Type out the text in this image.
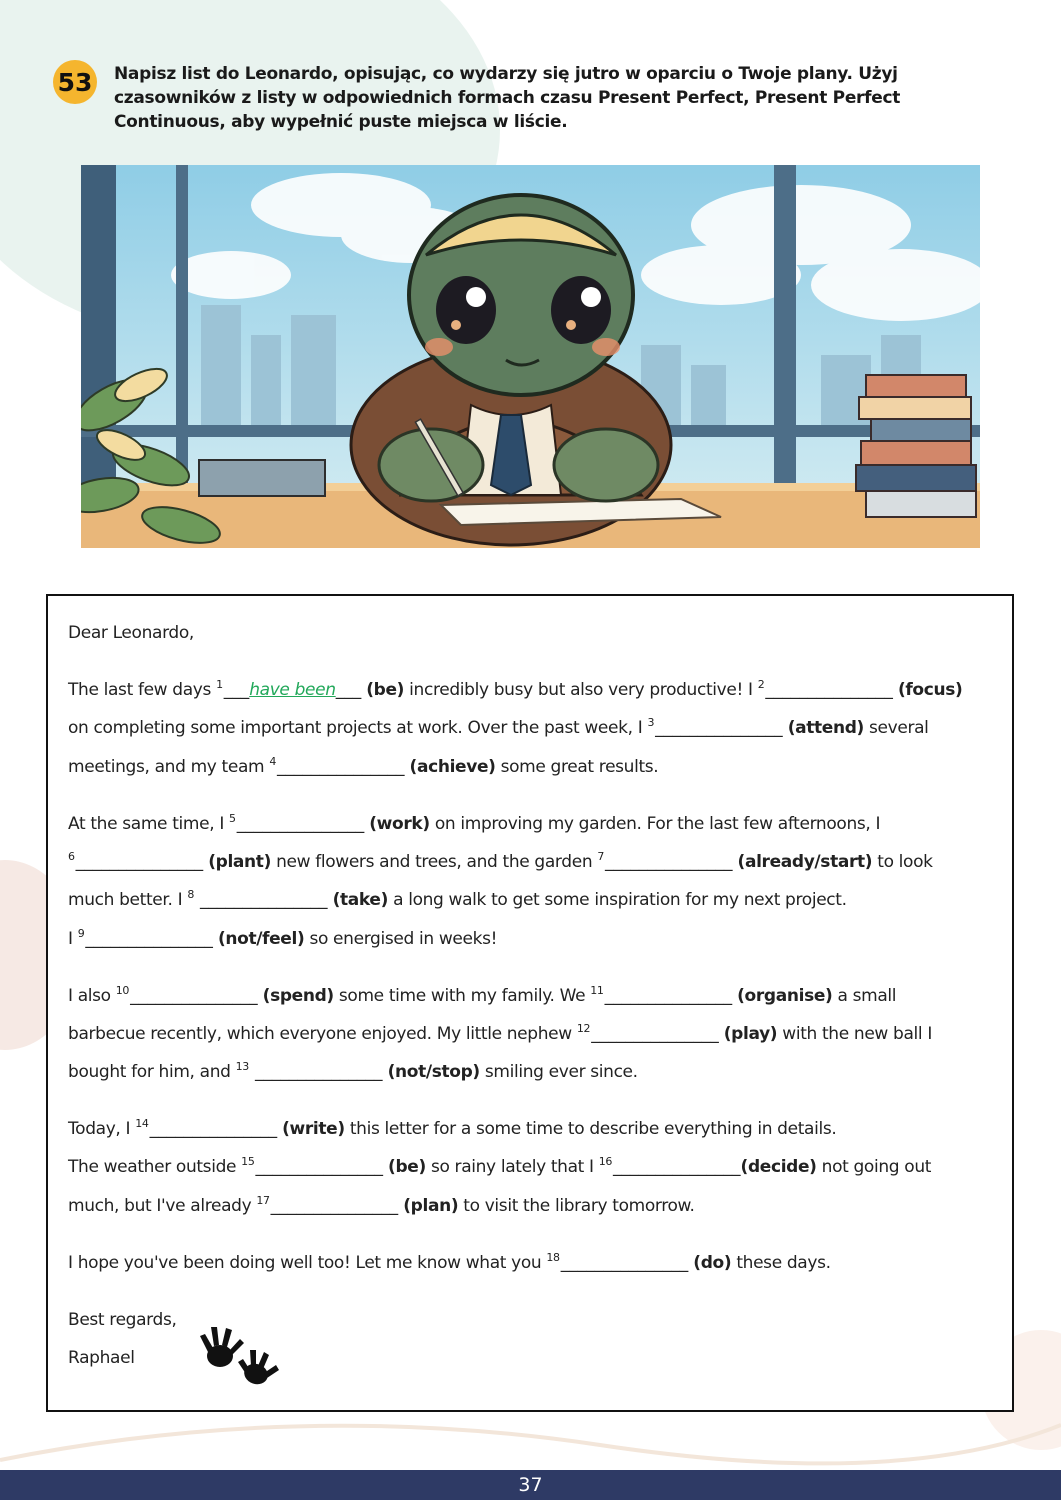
53 Napisz list do Leonardo, opisując, co wydarzy się jutro w oparciu o Twoje plany. Użyj czasowników z listy w odpowiednich formach czasu Present Perfect, Present Perfect Continuous, aby wypełnić puste miejsca w liście.
Dear Leonardo,
The last few days $^1$___have been___ (be) incredibly busy but also very productive! I $^2$_______________ (focus)
on completing some important projects at work. Over the past week, I $^3$_______________ (attend) several
meetings, and my team $^4$_______________ (achieve) some great results.
At the same time, I $^5$_______________ (work) on improving my garden. For the last few afternoons, I
$^6$_______________ (plant) new flowers and trees, and the garden $^7$_______________ (already/start) to look
much better. I $^8$ _______________ (take) a long walk to get some inspiration for my next project.
I $^9$_______________ (not/feel) so energised in weeks!
I also $^{10}$_______________ (spend) some time with my family. We $^{11}$_______________ (organise) a small
barbecue recently, which everyone enjoyed. My little nephew $^{12}$_______________ (play) with the new ball I
bought for him, and $^{13}$ _______________ (not/stop) smiling ever since.
Today, I $^{14}$_______________ (write) this letter for a some time to describe everything in details.
The weather outside $^{15}$_______________ (be) so rainy lately that I $^{16}$_______________(decide) not going out
much, but I've already $^{17}$_______________ (plan) to visit the library tomorrow.
I hope you've been doing well too! Let me know what you $^{18}$_______________ (do) these days.
Best regards,
Raphael
37
